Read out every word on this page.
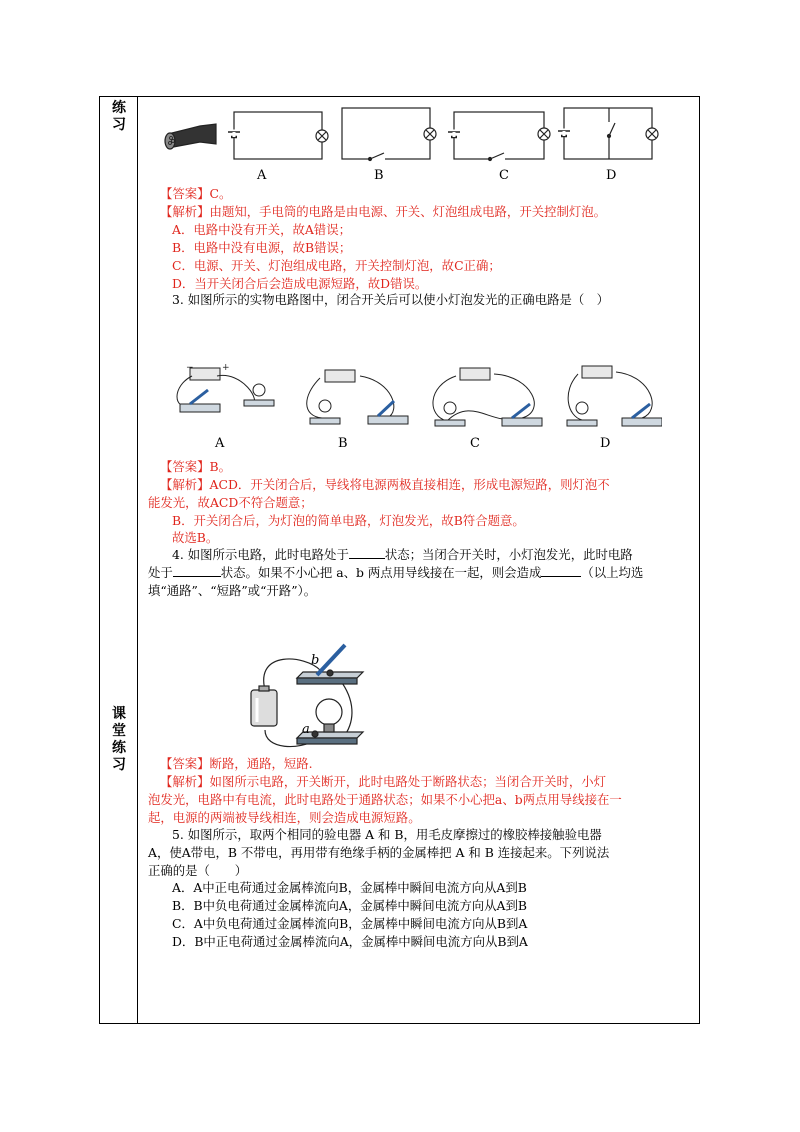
练习
课堂练习
A	B	C	D
【答案】C。
【解析】由题知，手电筒的电路是由电源、开关、灯泡组成电路，开关控制灯泡。
A．电路中没有开关，故A错误；
B．电路中没有电源，故B错误；
C．电源、开关、灯泡组成电路，开关控制灯泡，故C正确；
D．当开关闭合后会造成电源短路，故D错误。
3. 如图所示的实物电路图中，闭合开关后可以使小灯泡发光的正确电路是（　）
−	+
A	B	C	D
【答案】B。
【解析】ACD．开关闭合后，导线将电源两极直接相连，形成电源短路，则灯泡不
能发光，故ACD不符合题意；
B．开关闭合后，为灯泡的简单电路，灯泡发光，故B符合题意。
故选B。
4. 如图所示电路，此时电路处于	状态；当闭合开关时，小灯泡发光，此时电路
处于	状态。如果不小心把 a、b 两点用导线接在一起，则会造成	（以上均选
填“通路”、“短路”或“开路”）。
b
a
【答案】断路，通路，短路.
【解析】如图所示电路，开关断开，此时电路处于断路状态；当闭合开关时，小灯
泡发光，电路中有电流，此时电路处于通路状态；如果不小心把a、b两点用导线接在一
起，电源的两端被导线相连，则会造成电源短路。
5. 如图所示，取两个相同的验电器 A 和 B，用毛皮摩擦过的橡胶棒接触验电器
A，使A带电，B 不带电，再用带有绝缘手柄的金属棒把 A 和 B 连接起来。下列说法
正确的是（　　）
A．A中正电荷通过金属棒流向B，金属棒中瞬间电流方向从A到B
B．B中负电荷通过金属棒流向A，金属棒中瞬间电流方向从A到B
C．A中负电荷通过金属棒流向B，金属棒中瞬间电流方向从B到A
D．B中正电荷通过金属棒流向A，金属棒中瞬间电流方向从B到A
